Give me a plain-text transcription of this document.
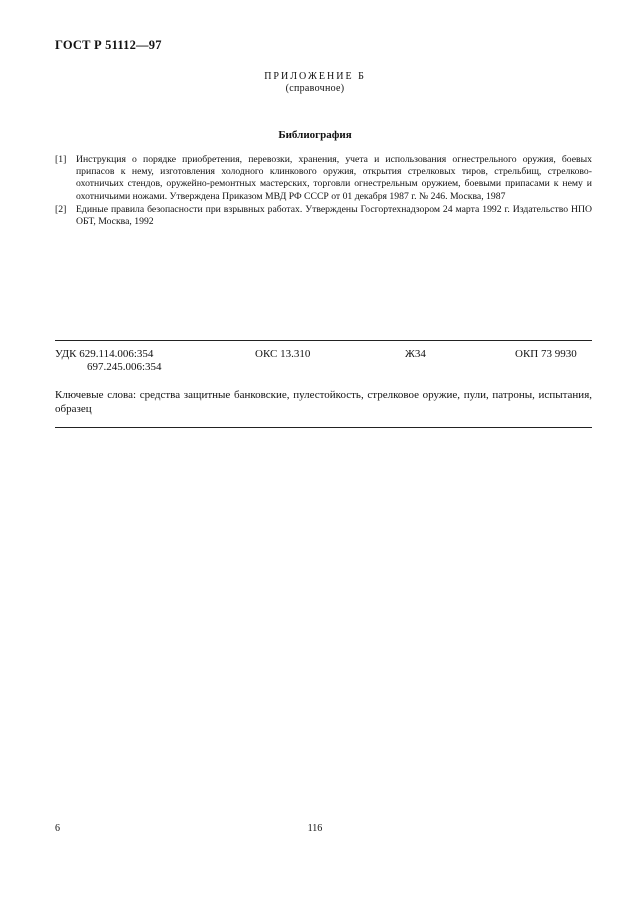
ГОСТ Р 51112—97
ПРИЛОЖЕНИЕ Б
(справочное)
Библиография
[1]	Инструкция о порядке приобретения, перевозки, хранения, учета и использования огнестрельного оружия, боевых припасов к нему, изготовления холодного клинкового оружия, открытия стрелковых тиров, стрельбищ, стрелково-охотничьих стендов, оружейно-ремонтных мастерских, торговли огнестрельным оружием, боевыми припасами к нему и охотничьими ножами. Утверждена Приказом МВД РФ СССР от 01 декабря 1987 г. № 246. Москва, 1987
[2]	Единые правила безопасности при взрывных работах. Утверждены Госгортехнадзором 24 марта 1992 г. Издательство НПО ОБТ, Москва, 1992
УДК 629.114.006:354
697.245.006:354
ОКС 13.310	Ж34	ОКП 73 9930
Ключевые слова: средства защитные банковские, пулестойкость, стрелковое оружие, пули, патроны, испытания, образец
6	116
